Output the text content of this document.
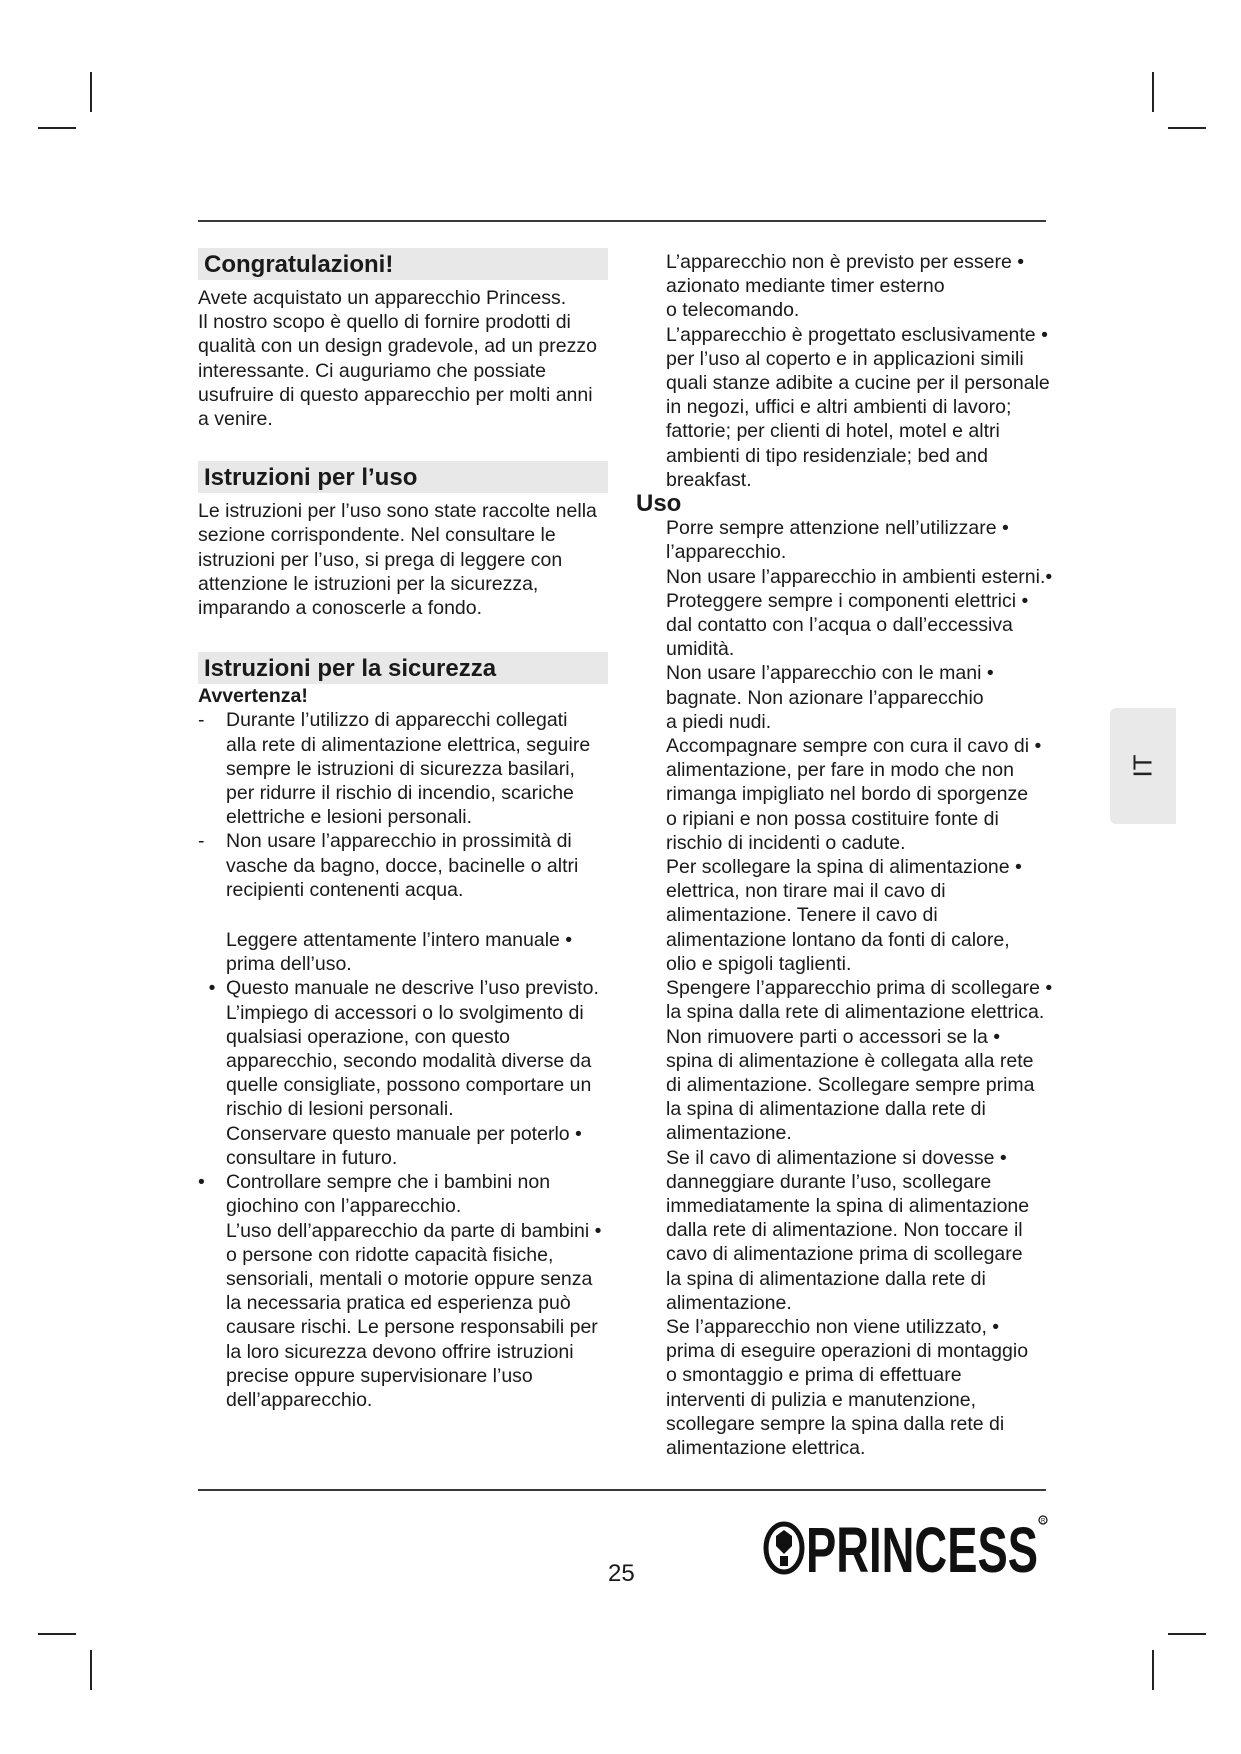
Congratulazioni!

Avete acquistato un apparecchio Princess.

Il nostro scopo è quello di fornire prodotti di

qualità con un design gradevole, ad un prezzo

interessante. Ci auguriamo che possiate

usufruire di questo apparecchio per molti anni

a venire.

Istruzioni per l’uso

Le istruzioni per l’uso sono state raccolte nella

sezione corrispondente. Nel consultare le

istruzioni per l’uso, si prega di leggere con

attenzione le istruzioni per la sicurezza,

imparando a conoscerle a fondo.

Istruzioni per la sicurezza

Avvertenza!

-	Durante l’utilizzo di apparecchi collegati

alla rete di alimentazione elettrica, seguire

sempre le istruzioni di sicurezza basilari,

per ridurre il rischio di incendio, scariche

elettriche e lesioni personali.

-	Non usare l’apparecchio in prossimità di

vasche da bagno, docce, bacinelle o altri

recipienti contenenti acqua.

Leggere attentamente l’intero manuale •

prima dell’uso.

• Questo manuale ne descrive l’uso previsto.

L’impiego di accessori o lo svolgimento di

qualsiasi operazione, con questo

apparecchio, secondo modalità diverse da

quelle consigliate, possono comportare un

rischio di lesioni personali.

Conservare questo manuale per poterlo •

consultare in futuro.

•	Controllare sempre che i bambini non

giochino con l’apparecchio.

L’uso dell’apparecchio da parte di bambini •

o persone con ridotte capacità fisiche,

sensoriali, mentali o motorie oppure senza

la necessaria pratica ed esperienza può

causare rischi. Le persone responsabili per

la loro sicurezza devono offrire istruzioni

precise oppure supervisionare l’uso

dell’apparecchio.

L’apparecchio non è previsto per essere •

azionato mediante timer esterno

o telecomando.

L’apparecchio è progettato esclusivamente •

per l’uso al coperto e in applicazioni simili

quali stanze adibite a cucine per il personale

in negozi, uffici e altri ambienti di lavoro;

fattorie; per clienti di hotel, motel e altri

ambienti di tipo residenziale; bed and

breakfast.

Uso

Porre sempre attenzione nell’utilizzare •

l’apparecchio.

Non usare l’apparecchio in ambienti esterni.•

Proteggere sempre i componenti elettrici •

dal contatto con l’acqua o dall’eccessiva

umidità.

Non usare l’apparecchio con le mani •

bagnate. Non azionare l’apparecchio

a piedi nudi.

Accompagnare sempre con cura il cavo di •

alimentazione, per fare in modo che non

rimanga impigliato nel bordo di sporgenze

o ripiani e non possa costituire fonte di

rischio di incidenti o cadute.

Per scollegare la spina di alimentazione •

elettrica, non tirare mai il cavo di

alimentazione. Tenere il cavo di

alimentazione lontano da fonti di calore,

olio e spigoli taglienti.

Spengere l’apparecchio prima di scollegare •

la spina dalla rete di alimentazione elettrica.

Non rimuovere parti o accessori se la •

spina di alimentazione è collegata alla rete

di alimentazione. Scollegare sempre prima

la spina di alimentazione dalla rete di

alimentazione.

Se il cavo di alimentazione si dovesse •

danneggiare durante l’uso, scollegare

immediatamente la spina di alimentazione

dalla rete di alimentazione. Non toccare il

cavo di alimentazione prima di scollegare

la spina di alimentazione dalla rete di

alimentazione.

Se l’apparecchio non viene utilizzato, •

prima di eseguire operazioni di montaggio

o smontaggio e prima di effettuare

interventi di pulizia e manutenzione,

scollegare sempre la spina dalla rete di

alimentazione elettrica.

IT
25	PRINCESS R
